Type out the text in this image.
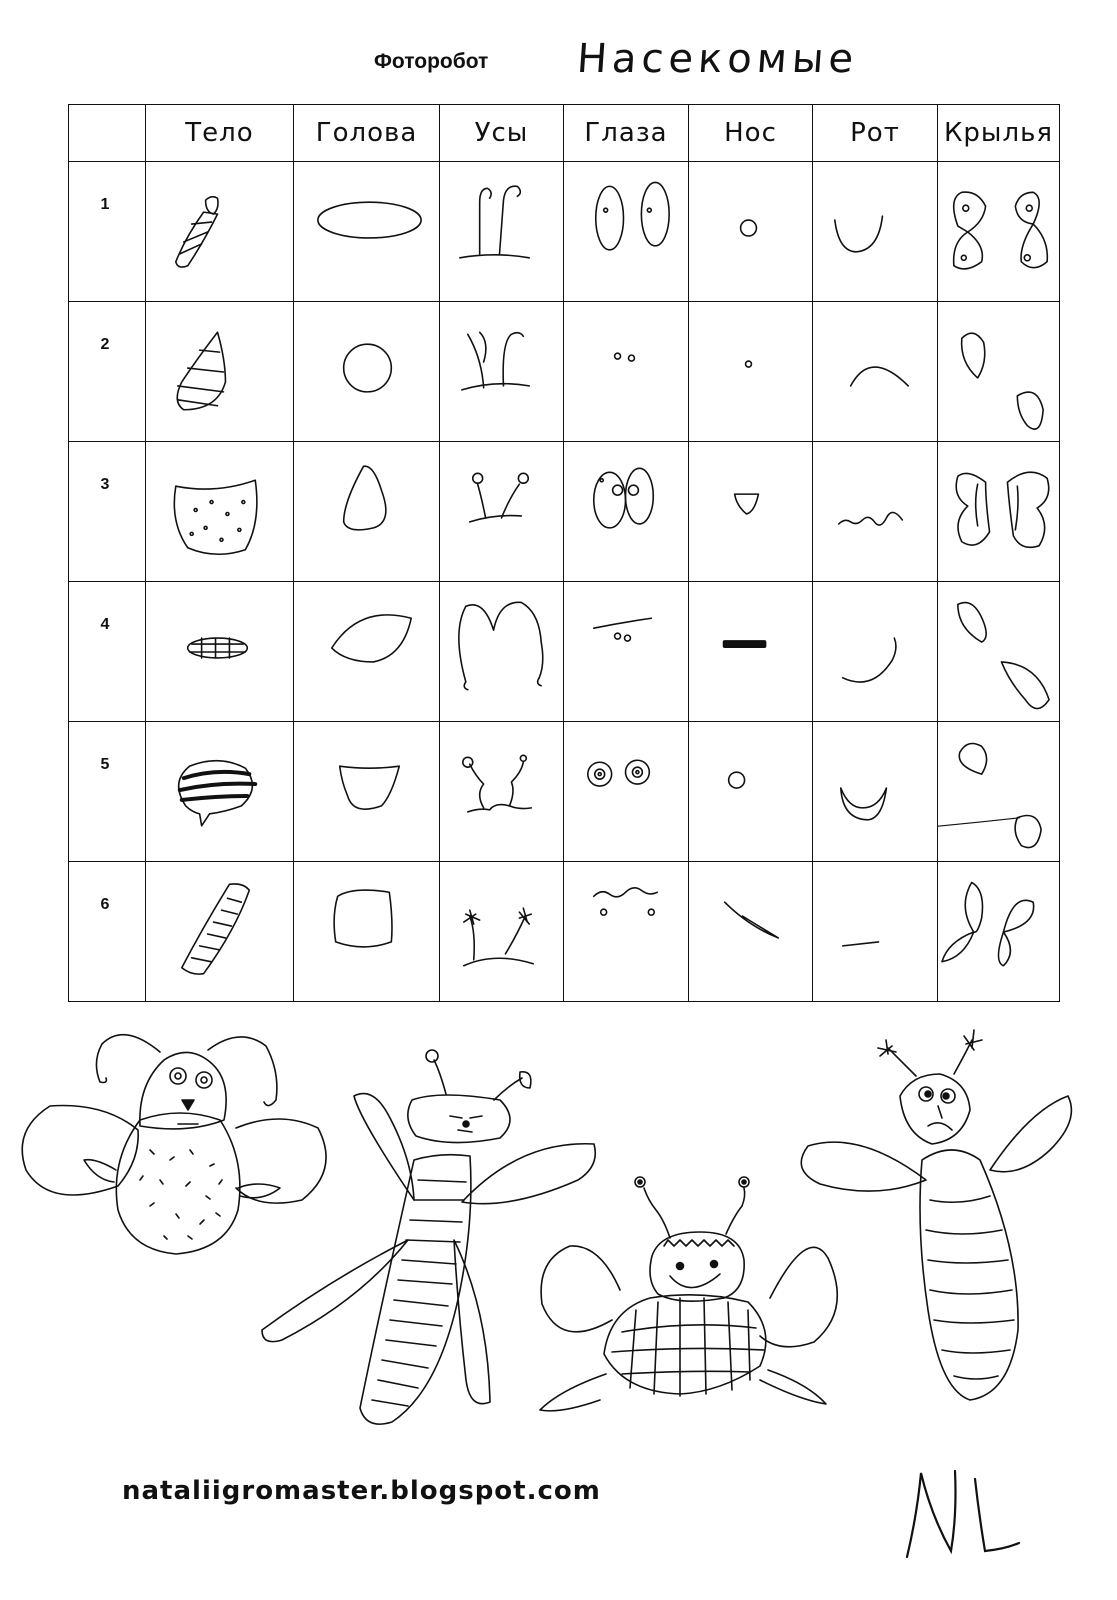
Фоторобот Насекомые
	Тело	Голова	Усы	Глаза	Нос	Рот	Крылья

1

2

3

4

5

6

nataliigromaster.blogspot.com
